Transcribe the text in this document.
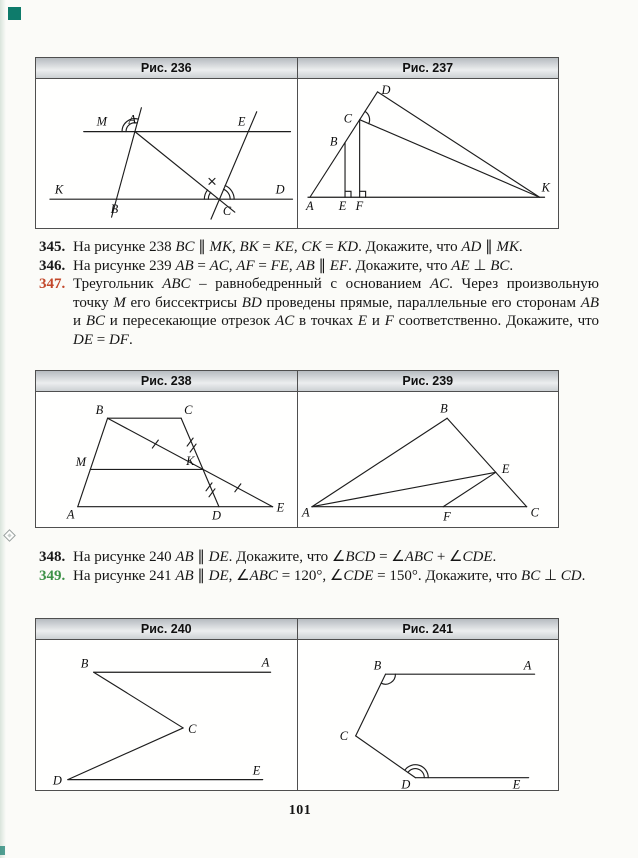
Рис. 236	Рис. 237
M A	E
K
B	C
D
D
C
B
A E F
K
345. На рисунке 238 BC ∥ MK, BK = KE, CK = KD. Докажите, что AD ∥ MK.
346. На рисунке 239 AB = AC, AF = FE, AB ∥ EF. Докажите, что AE ⊥ BC.
347. Треугольник ABC – равнобедренный с основанием AC. Через произвольную точку M его биссектрисы BD проведены прямые, параллельные его сторонам AB и BC и пересекающие отрезок AC в точках E и F соответственно. Докажите, что DE = DF.
Рис. 238	Рис. 239
B	C
M	K
A	D
E
B
E
A	F	C
348. На рисунке 240 AB ∥ DE. Докажите, что ∠BCD = ∠ABC + ∠CDE.
349. На рисунке 241 AB ∥ DE, ∠ABC = 120°, ∠CDE = 150°. Докажите, что BC ⊥ CD.
Рис. 240	Рис. 241
B	A
C
D
E
B	A
C
D	E
101
